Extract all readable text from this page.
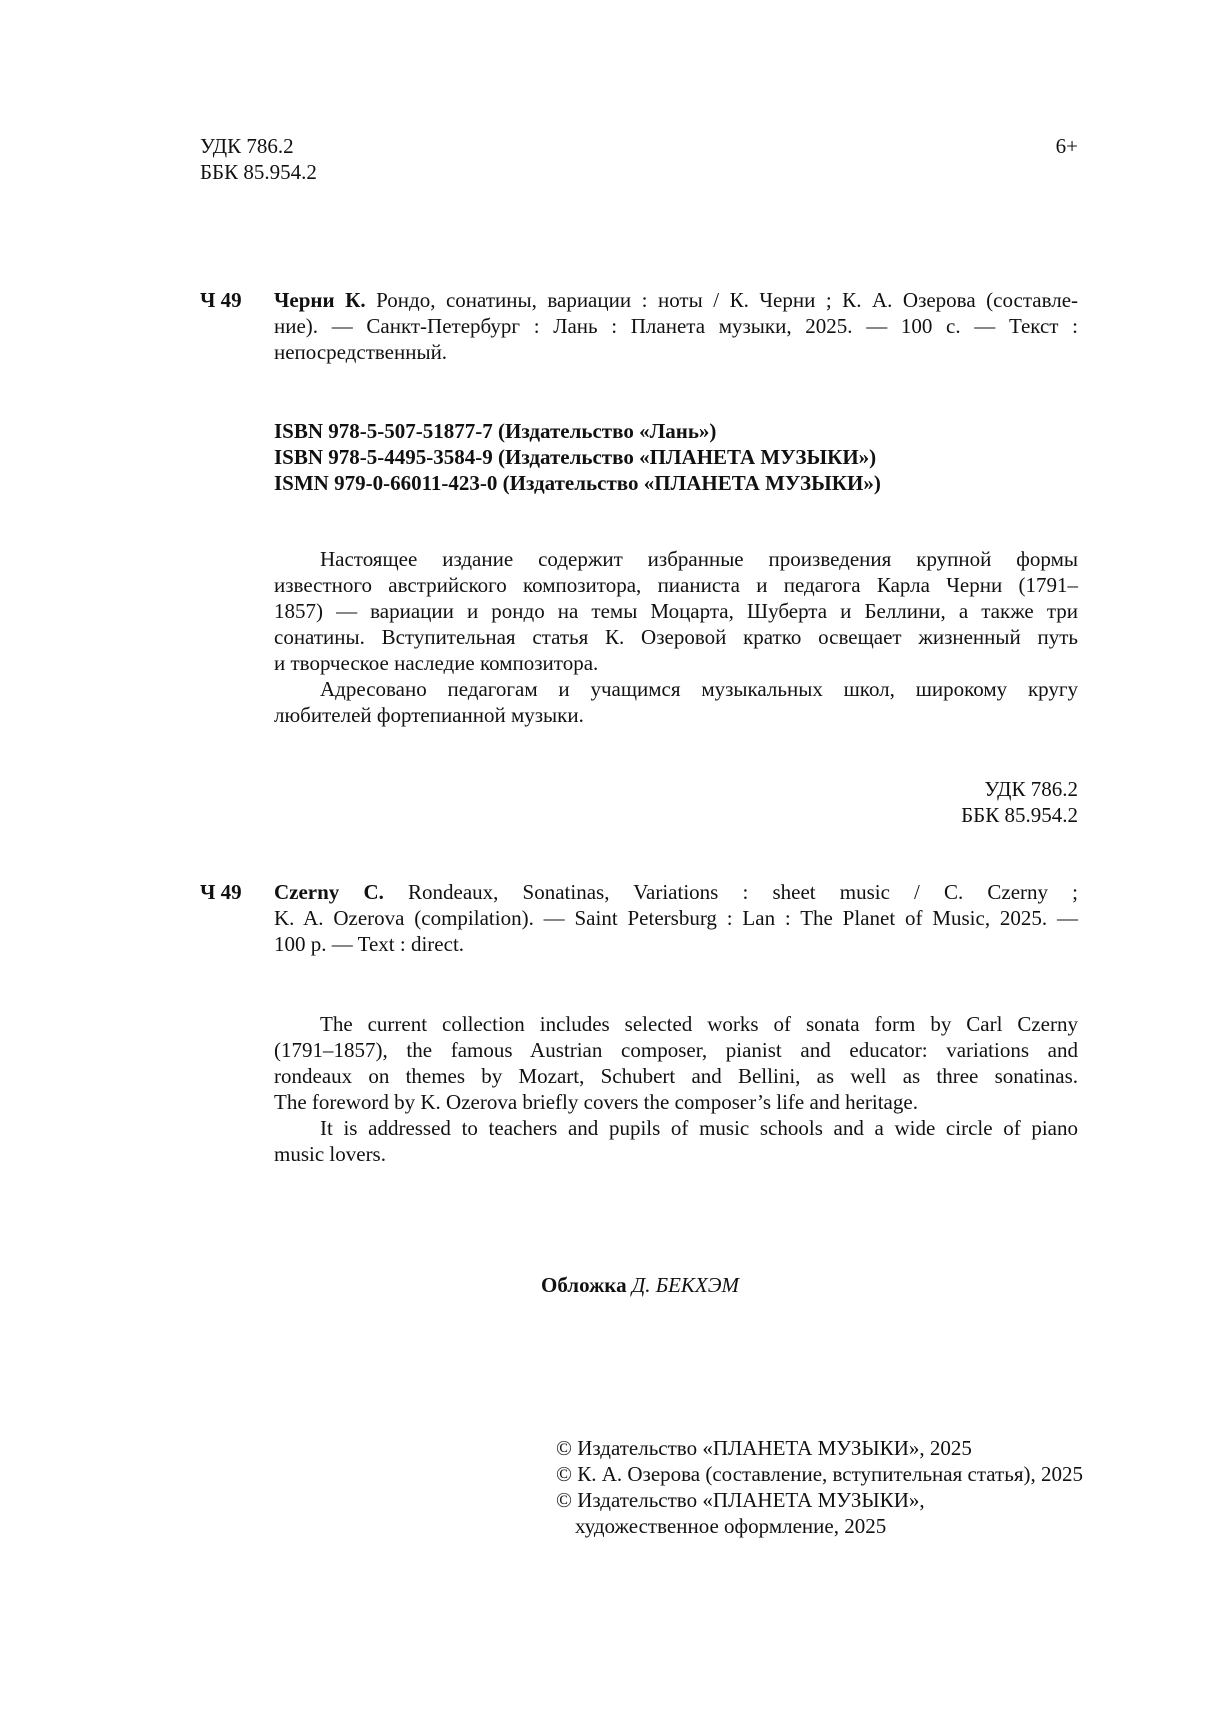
УДК 786.2
ББК 85.954.2
6+
Ч 49 Черни К. Рондо, сонатины, вариации : ноты / К. Черни ; К. А. Озерова (составле-
ние). — Санкт-Петербург : Лань : Планета музыки, 2025. — 100 с. — Текст :
непосредственный.
ISBN 978-5-507-51877-7 (Издательство «Лань»)
ISBN 978-5-4495-3584-9 (Издательство «ПЛАНЕТА МУЗЫКИ»)
ISMN 979-0-66011-423-0 (Издательство «ПЛАНЕТА МУЗЫКИ»)
Настоящее издание содержит избранные произведения крупной формы
известного австрийского композитора, пианиста и педагога Карла Черни (1791–
1857) — вариации и рондо на темы Моцарта, Шуберта и Беллини, а также три
сонатины. Вступительная статья К. Озеровой кратко освещает жизненный путь
и творческое наследие композитора.
Адресовано педагогам и учащимся музыкальных школ, широкому кругу
любителей фортепианной музыки.
УДК 786.2
ББК 85.954.2
Ч 49 Czerny C. Rondeaux, Sonatinas, Variations : sheet music / C. Czerny ;
K. A. Ozerova (compilation). — Saint Petersburg : Lan : The Planet of Music, 2025. —
100 p. — Text : direct.
The current collection includes selected works of sonata form by Carl Czerny
(1791–1857), the famous Austrian composer, pianist and educator: variations and
rondeaux on themes by Mozart, Schubert and Bellini, as well as three sonatinas.
The foreword by K. Ozerova briefly covers the composer’s life and heritage.
It is addressed to teachers and pupils of music schools and a wide circle of piano
music lovers.
Обложка Д. БЕКХЭМ
© Издательство «ПЛАНЕТА МУЗЫКИ», 2025
© К. А. Озерова (составление, вступительная статья), 2025
© Издательство «ПЛАНЕТА МУЗЫКИ»,
художественное оформление, 2025
